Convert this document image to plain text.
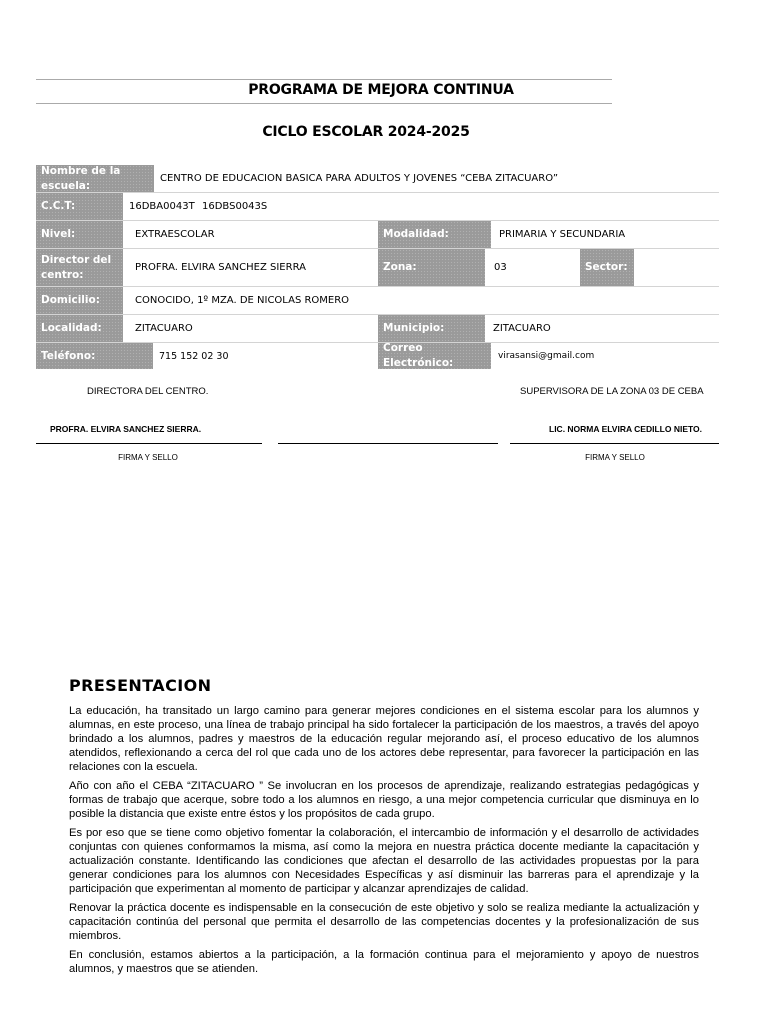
PROGRAMA DE MEJORA CONTINUA
CICLO ESCOLAR 2024-2025
Nombre de la escuela:
CENTRO DE EDUCACION BASICA PARA ADULTOS Y JOVENES “CEBA ZITACUARO”
C.C.T:	16DBA0043T 16DBS0043S
Nivel:	EXTRAESCOLAR	Modalidad:	PRIMARIA Y SECUNDARIA
Director del centro:
PROFRA. ELVIRA SANCHEZ SIERRA	Zona:	03	Sector:
Domicilio:	CONOCIDO, 1º MZA. DE NICOLAS ROMERO
Localidad:	ZITACUARO	Municipio:	ZITACUARO
Teléfono:	715 152 02 30
Correo Electrónico:
virasansi@gmail.com
DIRECTORA DEL CENTRO.	SUPERVISORA DE LA ZONA 03 DE CEBA
PROFRA. ELVIRA SANCHEZ SIERRA.	LIC. NORMA ELVIRA CEDILLO NIETO.
FIRMA Y SELLO	FIRMA Y SELLO
PRESENTACION

La educación, ha transitado un largo camino para generar mejores condiciones en el sistema escolar para los alumnos y alumnas, en este proceso, una línea de trabajo principal ha sido fortalecer la participación de los maestros, a través del apoyo brindado a los alumnos, padres y maestros de la educación regular mejorando así, el proceso educativo de los alumnos atendidos, reflexionando a cerca del rol que cada uno de los actores debe representar, para favorecer la participación en las relaciones con la escuela.

Año con año el CEBA “ZITACUARO ” Se involucran en los procesos de aprendizaje, realizando estrategias pedagógicas y formas de trabajo que acerque, sobre todo a los alumnos en riesgo, a una mejor competencia curricular que disminuya en lo posible la distancia que existe entre éstos y los propósitos de cada grupo.

Es por eso que se tiene como objetivo fomentar la colaboración, el intercambio de información y el desarrollo de actividades conjuntas con quienes conformamos la misma, así como la mejora en nuestra práctica docente mediante la capacitación y actualización constante. Identificando las condiciones que afectan el desarrollo de las actividades propuestas por la para generar condiciones para los alumnos con Necesidades Específicas y así disminuir las barreras para el aprendizaje y la participación que experimentan al momento de participar y alcanzar aprendizajes de calidad.

Renovar la práctica docente es indispensable en la consecución de este objetivo y solo se realiza mediante la actualización y capacitación continúa del personal que permita el desarrollo de las competencias docentes y la profesionalización de sus miembros.

En conclusión, estamos abiertos a la participación, a la formación continua para el mejoramiento y apoyo de nuestros alumnos, y maestros que se atienden.
